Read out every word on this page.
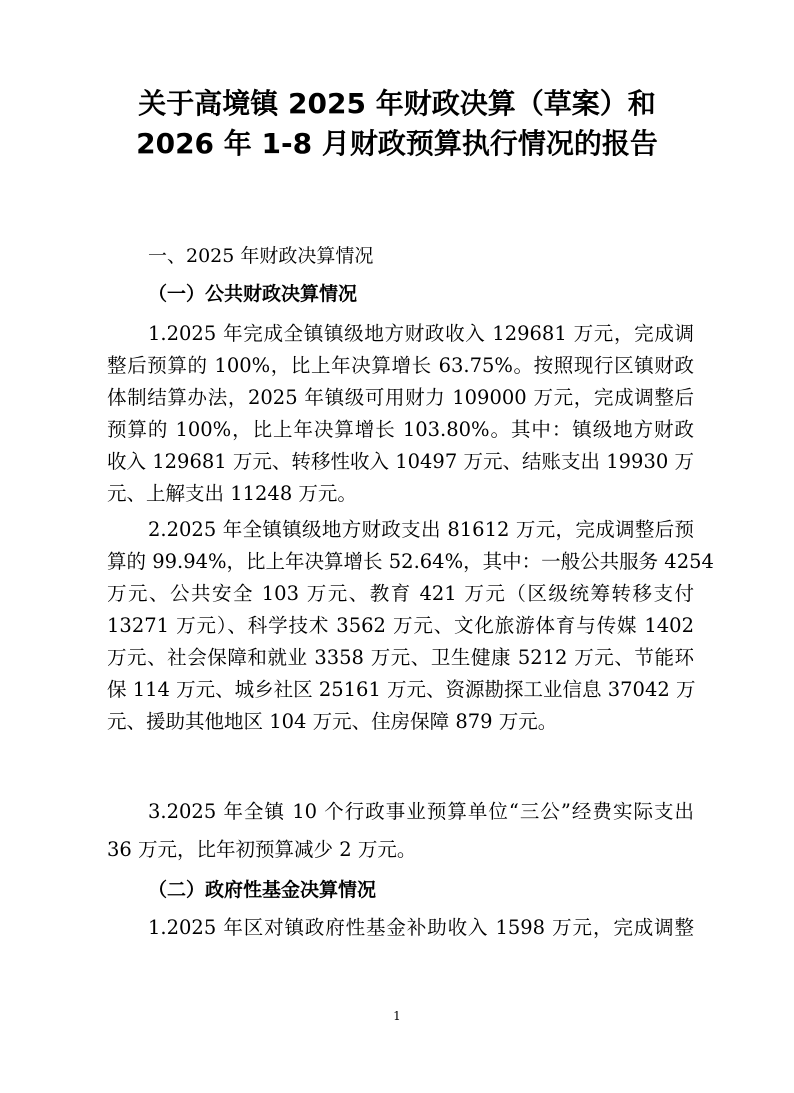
关于高境镇 2025 年财政决算（草案）和
2026 年 1-8 月财政预算执行情况的报告
一、2025 年财政决算情况
（一）公共财政决算情况
1.2025 年完成全镇镇级地方财政收入 129681 万元，完成调
整后预算的 100%，比上年决算增长 63.75%。按照现行区镇财政
体制结算办法，2025 年镇级可用财力 109000 万元，完成调整后
预算的 100%，比上年决算增长 103.80%。其中：镇级地方财政
收入 129681 万元、转移性收入 10497 万元、结账支出 19930 万
元、上解支出 11248 万元。
2.2025 年全镇镇级地方财政支出 81612 万元，完成调整后预
算的 99.94%，比上年决算增长 52.64%，其中：一般公共服务 4254
万元、公共安全 103 万元、教育 421 万元（区级统筹转移支付
13271 万元）、科学技术 3562 万元、文化旅游体育与传媒 1402
万元、社会保障和就业 3358 万元、卫生健康 5212 万元、节能环
保 114 万元、城乡社区 25161 万元、资源勘探工业信息 37042 万
元、援助其他地区 104 万元、住房保障 879 万元。
3.2025 年全镇 10 个行政事业预算单位“三公”经费实际支出
36 万元，比年初预算减少 2 万元。
（二）政府性基金决算情况
1.2025 年区对镇政府性基金补助收入 1598 万元，完成调整
1
